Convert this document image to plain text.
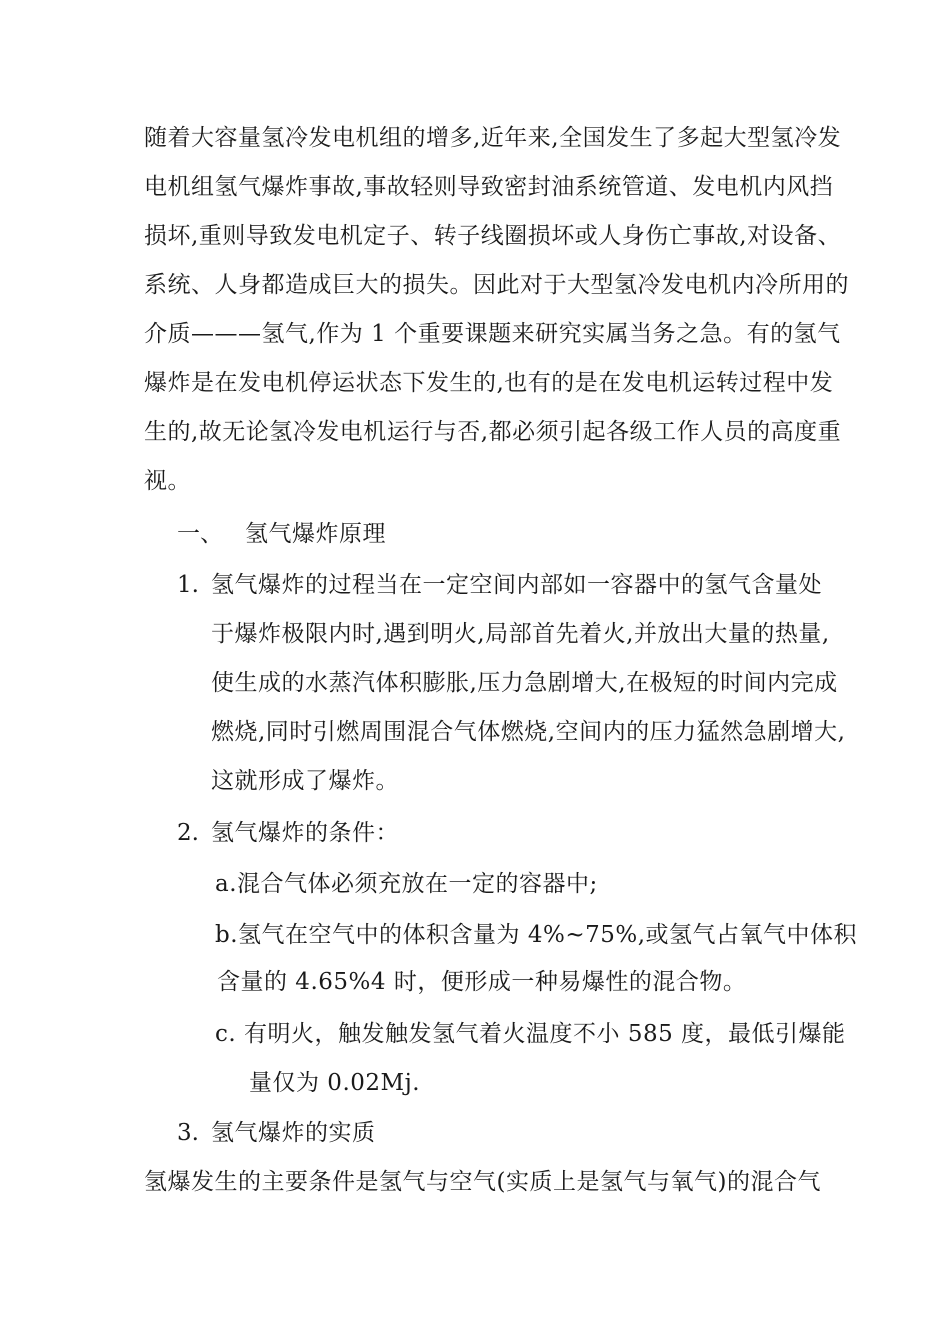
随着大容量氢冷发电机组的增多,近年来,全国发生了多起大型氢冷发
电机组氢气爆炸事故,事故轻则导致密封油系统管道、发电机内风挡
损坏,重则导致发电机定子、转子线圈损坏或人身伤亡事故,对设备、
系统、人身都造成巨大的损失。因此对于大型氢冷发电机内冷所用的
介质———氢气,作为 1 个重要课题来研究实属当务之急。有的氢气
爆炸是在发电机停运状态下发生的,也有的是在发电机运转过程中发
生的,故无论氢冷发电机运行与否,都必须引起各级工作人员的高度重
视。
一、 氢气爆炸原理
1. 氢气爆炸的过程当在一定空间内部如一容器中的氢气含量处
于爆炸极限内时,遇到明火,局部首先着火,并放出大量的热量,
使生成的水蒸汽体积膨胀,压力急剧增大,在极短的时间内完成
燃烧,同时引燃周围混合气体燃烧,空间内的压力猛然急剧增大,
这就形成了爆炸。
2. 氢气爆炸的条件：
a.混合气体必须充放在一定的容器中;
b.氢气在空气中的体积含量为 4%~75%,或氢气占氧气中体积
含量的 4.65%4 时，便形成一种易爆性的混合物。
c. 有明火，触发触发氢气着火温度不小 585 度，最低引爆能
量仅为 0.02Mj.
3. 氢气爆炸的实质
氢爆发生的主要条件是氢气与空气(实质上是氢气与氧气)的混合气
